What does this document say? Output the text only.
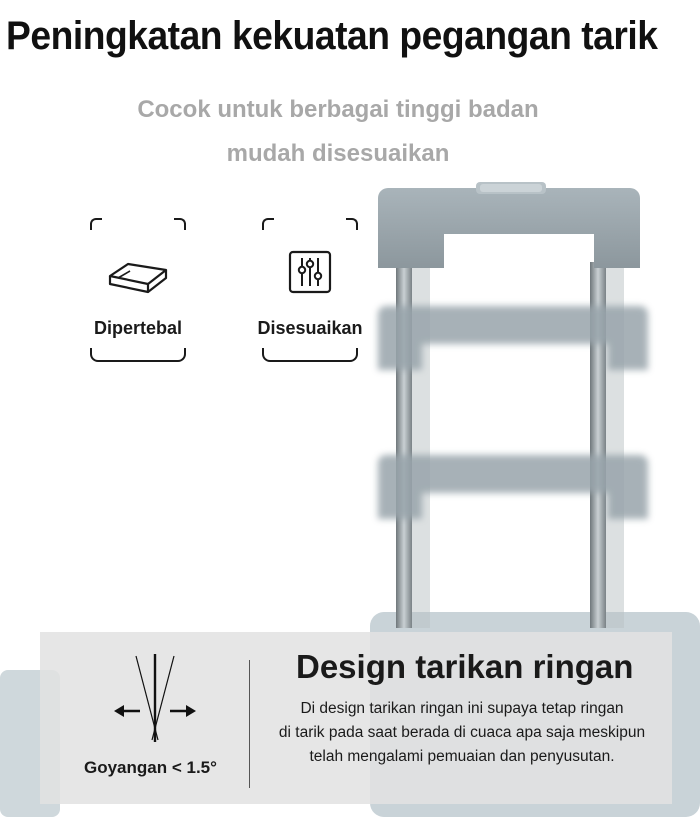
Peningkatan kekuatan pegangan tarik
Cocok untuk berbagai tinggi badan
mudah disesuaikan
Dipertebal	Disesuaikan
Goyangan < 1.5°
Design tarikan ringan
Di design tarikan ringan ini supaya tetap ringan
di tarik pada saat berada di cuaca apa saja meskipun
telah mengalami pemuaian dan penyusutan.
